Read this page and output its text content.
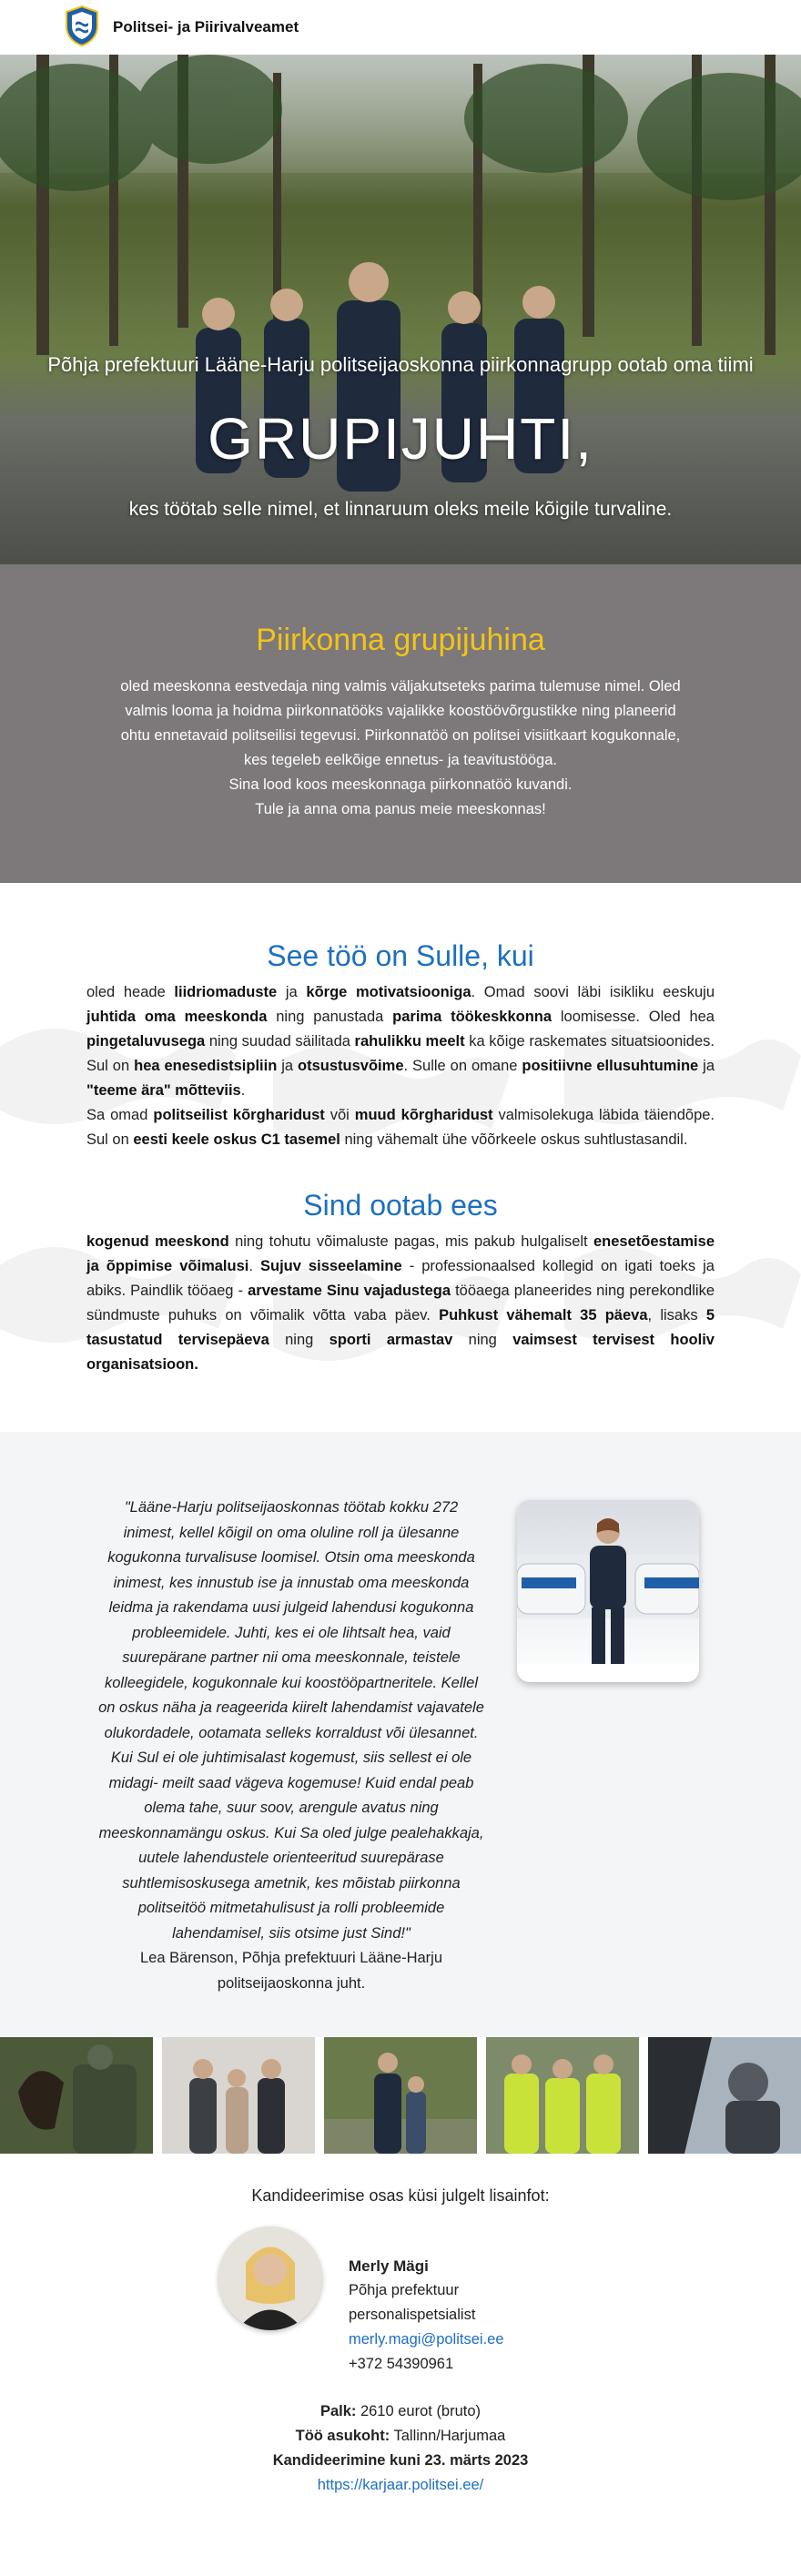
Politsei- ja Piirivalveamet
Põhja prefektuuri Lääne-Harju politseijaoskonna piirkonnagrupp ootab oma tiimi
GRUPIJUHTI,
kes töötab selle nimel, et linnaruum oleks meile kõigile turvaline.
Piirkonna grupijuhina

oled meeskonna eestvedaja ning valmis väljakutseteks parima tulemuse nimel. Oled
valmis looma ja hoidma piirkonnatööks vajalikke koostöövõrgustikke ning planeerid
ohtu ennetavaid politseilisi tegevusi. Piirkonnatöö on politsei visiitkaart kogukonnale,
kes tegeleb eelkõige ennetus- ja teavitustööga.
Sina lood koos meeskonnaga piirkonnatöö kuvandi.
Tule ja anna oma panus meie meeskonnas!

See töö on Sulle, kui

oled heade liidriomaduste ja kõrge motivatsiooniga. Omad soovi läbi isikliku eeskuju juhtida oma meeskonda ning panustada parima töökeskkonna loomisesse. Oled hea pingetaluvusega ning suudad säilitada rahulikku meelt ka kõige raskemates situatsioonides. Sul on hea enesedistsipliin ja otsustusvõime. Sulle on omane positiivne ellusuhtumine ja "teeme ära" mõtteviis.
Sa omad politseilist kõrgharidust või muud kõrgharidust valmisolekuga läbida täiendõpe. Sul on eesti keele oskus C1 tasemel ning vähemalt ühe võõrkeele oskus suhtlustasandil.

Sind ootab ees

kogenud meeskond ning tohutu võimaluste pagas, mis pakub hulgaliselt enesetõestamise ja õppimise võimalusi. Sujuv sisseelamine - professionaalsed kollegid on igati toeks ja abiks. Paindlik tööaeg - arvestame Sinu vajadustega tööaega planeerides ning perekondlike sündmuste puhuks on võimalik võtta vaba päev. Puhkust vähemalt 35 päeva, lisaks 5 tasustatud tervisepäeva ning sporti armastav ning vaimsest tervisest hooliv organisatsioon.

"Lääne-Harju politseijaoskonnas töötab kokku 272 inimest, kellel kõigil on oma oluline roll ja ülesanne kogukonna turvalisuse loomisel. Otsin oma meeskonda inimest, kes innustub ise ja innustab oma meeskonda leidma ja rakendama uusi julgeid lahendusi kogukonna probleemidele. Juhti, kes ei ole lihtsalt hea, vaid suurepärane partner nii oma meeskonnale, teistele kolleegidele, kogukonnale kui koostööpartneritele. Kellel on oskus näha ja reageerida kiirelt lahendamist vajavatele olukordadele, ootamata selleks korraldust või ülesannet. Kui Sul ei ole juhtimisalast kogemust, siis sellest ei ole midagi- meilt saad vägeva kogemuse! Kuid endal peab olema tahe, suur soov, arengule avatus ning meeskonnamängu oskus. Kui Sa oled julge pealehakkaja, uutele lahendustele orienteeritud suurepärase suhtlemisoskusega ametnik, kes mõistab piirkonna politseitöö mitmetahulisust ja rolli probleemide lahendamisel, siis otsime just Sind!"
Lea Bärenson, Põhja prefektuuri Lääne-Harju politseijaoskonna juht.
Kandideerimise osas küsi julgelt lisainfot:
Merly Mägi
Põhja prefektuur
personalispetsialist
merly.magi@politsei.ee
+372 54390961
Palk: 2610 eurot (bruto)
Töö asukoht: Tallinn/Harjumaa
Kandideerimine kuni 23. märts 2023
https://karjaar.politsei.ee/
